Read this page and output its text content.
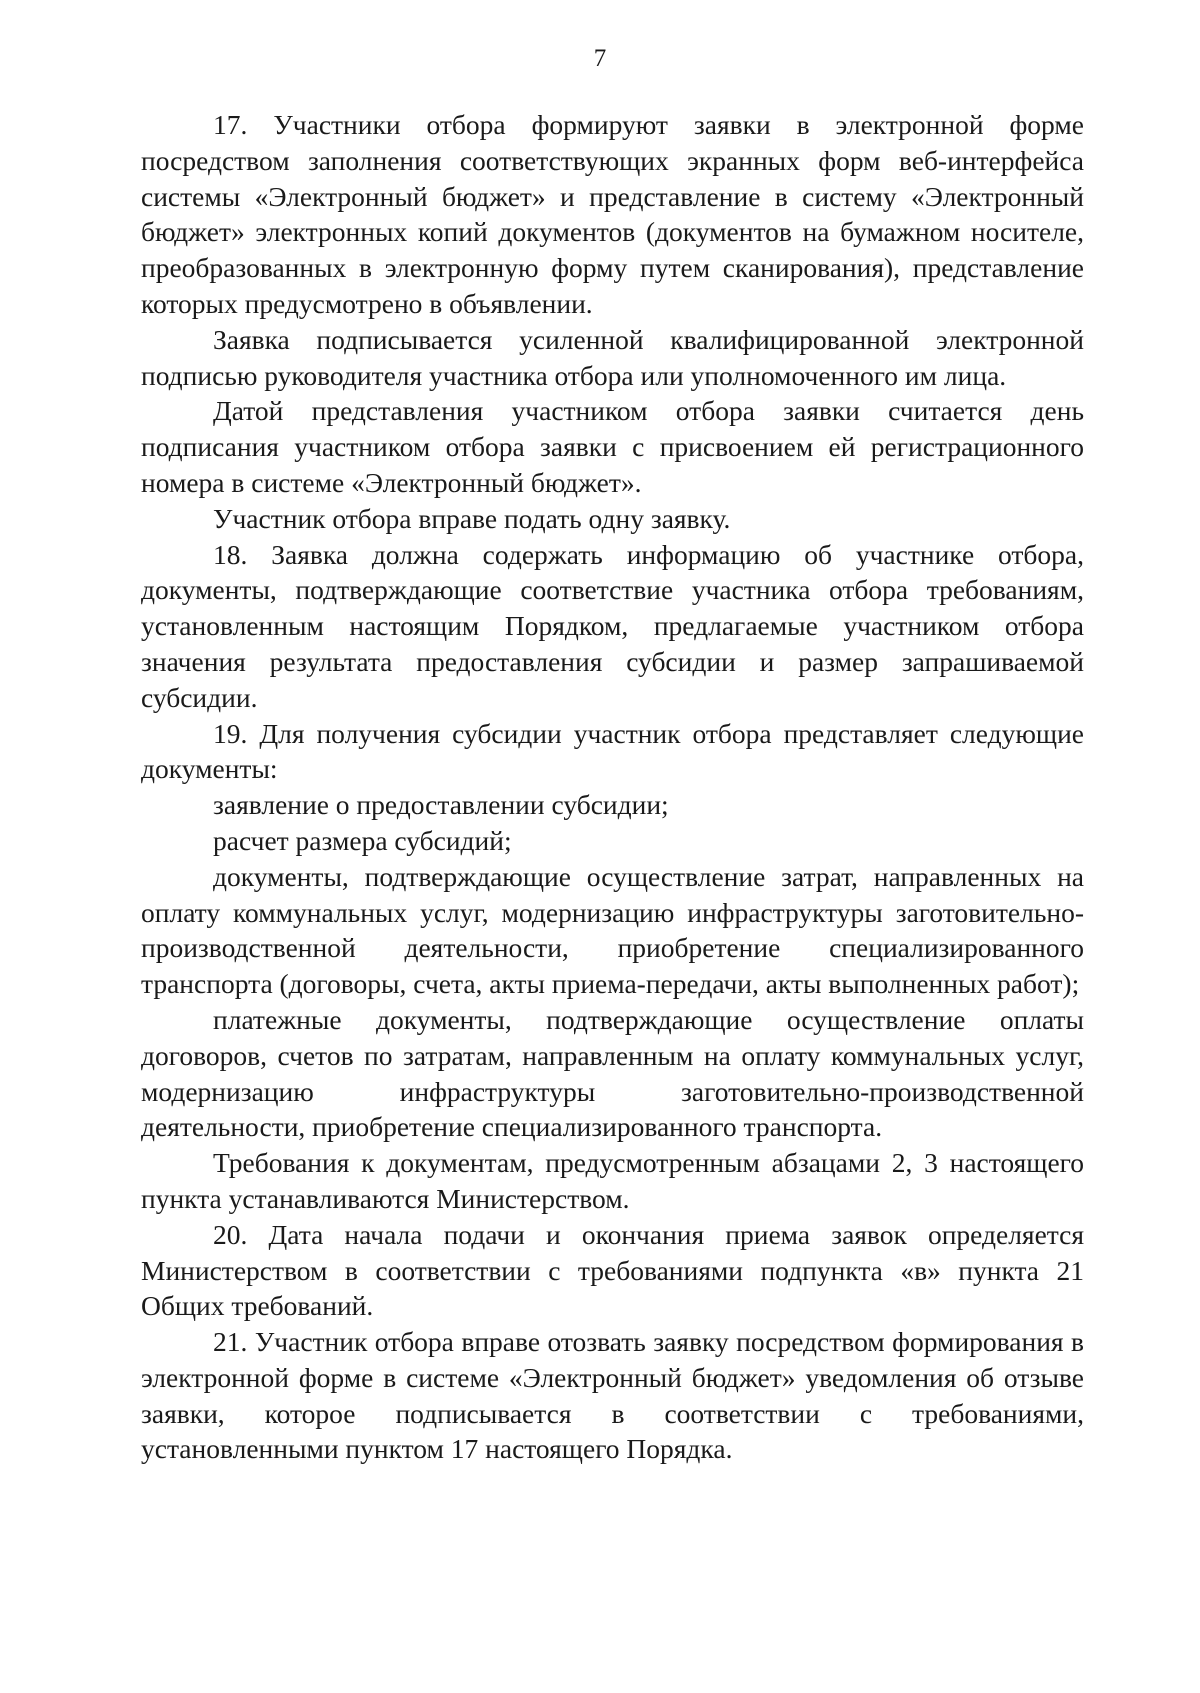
7

17. Участники отбора формируют заявки в электронной форме посредством заполнения соответствующих экранных форм веб-интерфейса системы «Электронный бюджет» и представление в систему «Электронный бюджет» электронных копий документов (документов на бумажном носителе, преобразованных в электронную форму путем сканирования), представление которых предусмотрено в объявлении.

Заявка подписывается усиленной квалифицированной электронной подписью руководителя участника отбора или уполномоченного им лица.

Датой представления участником отбора заявки считается день подписания участником отбора заявки с присвоением ей регистрационного номера в системе «Электронный бюджет».

Участник отбора вправе подать одну заявку.

18. Заявка должна содержать информацию об участнике отбора, документы, подтверждающие соответствие участника отбора требованиям, установленным настоящим Порядком, предлагаемые участником отбора значения результата предоставления субсидии и размер запрашиваемой субсидии.

19. Для получения субсидии участник отбора представляет следующие документы:

заявление о предоставлении субсидии;

расчет размера субсидий;

документы, подтверждающие осуществление затрат, направленных на оплату коммунальных услуг, модернизацию инфраструктуры заготовительно-производственной деятельности, приобретение специализированного транспорта (договоры, счета, акты приема-передачи, акты выполненных работ);

платежные документы, подтверждающие осуществление оплаты договоров, счетов по затратам, направленным на оплату коммунальных услуг, модернизацию инфраструктуры заготовительно-производственной деятельности, приобретение специализированного транспорта.

Требования к документам, предусмотренным абзацами 2, 3 настоящего пункта устанавливаются Министерством.

20. Дата начала подачи и окончания приема заявок определяется Министерством в соответствии с требованиями подпункта «в» пункта 21 Общих требований.

21. Участник отбора вправе отозвать заявку посредством формирования в электронной форме в системе «Электронный бюджет» уведомления об отзыве заявки, которое подписывается в соответствии с требованиями, установленными пунктом 17 настоящего Порядка.
